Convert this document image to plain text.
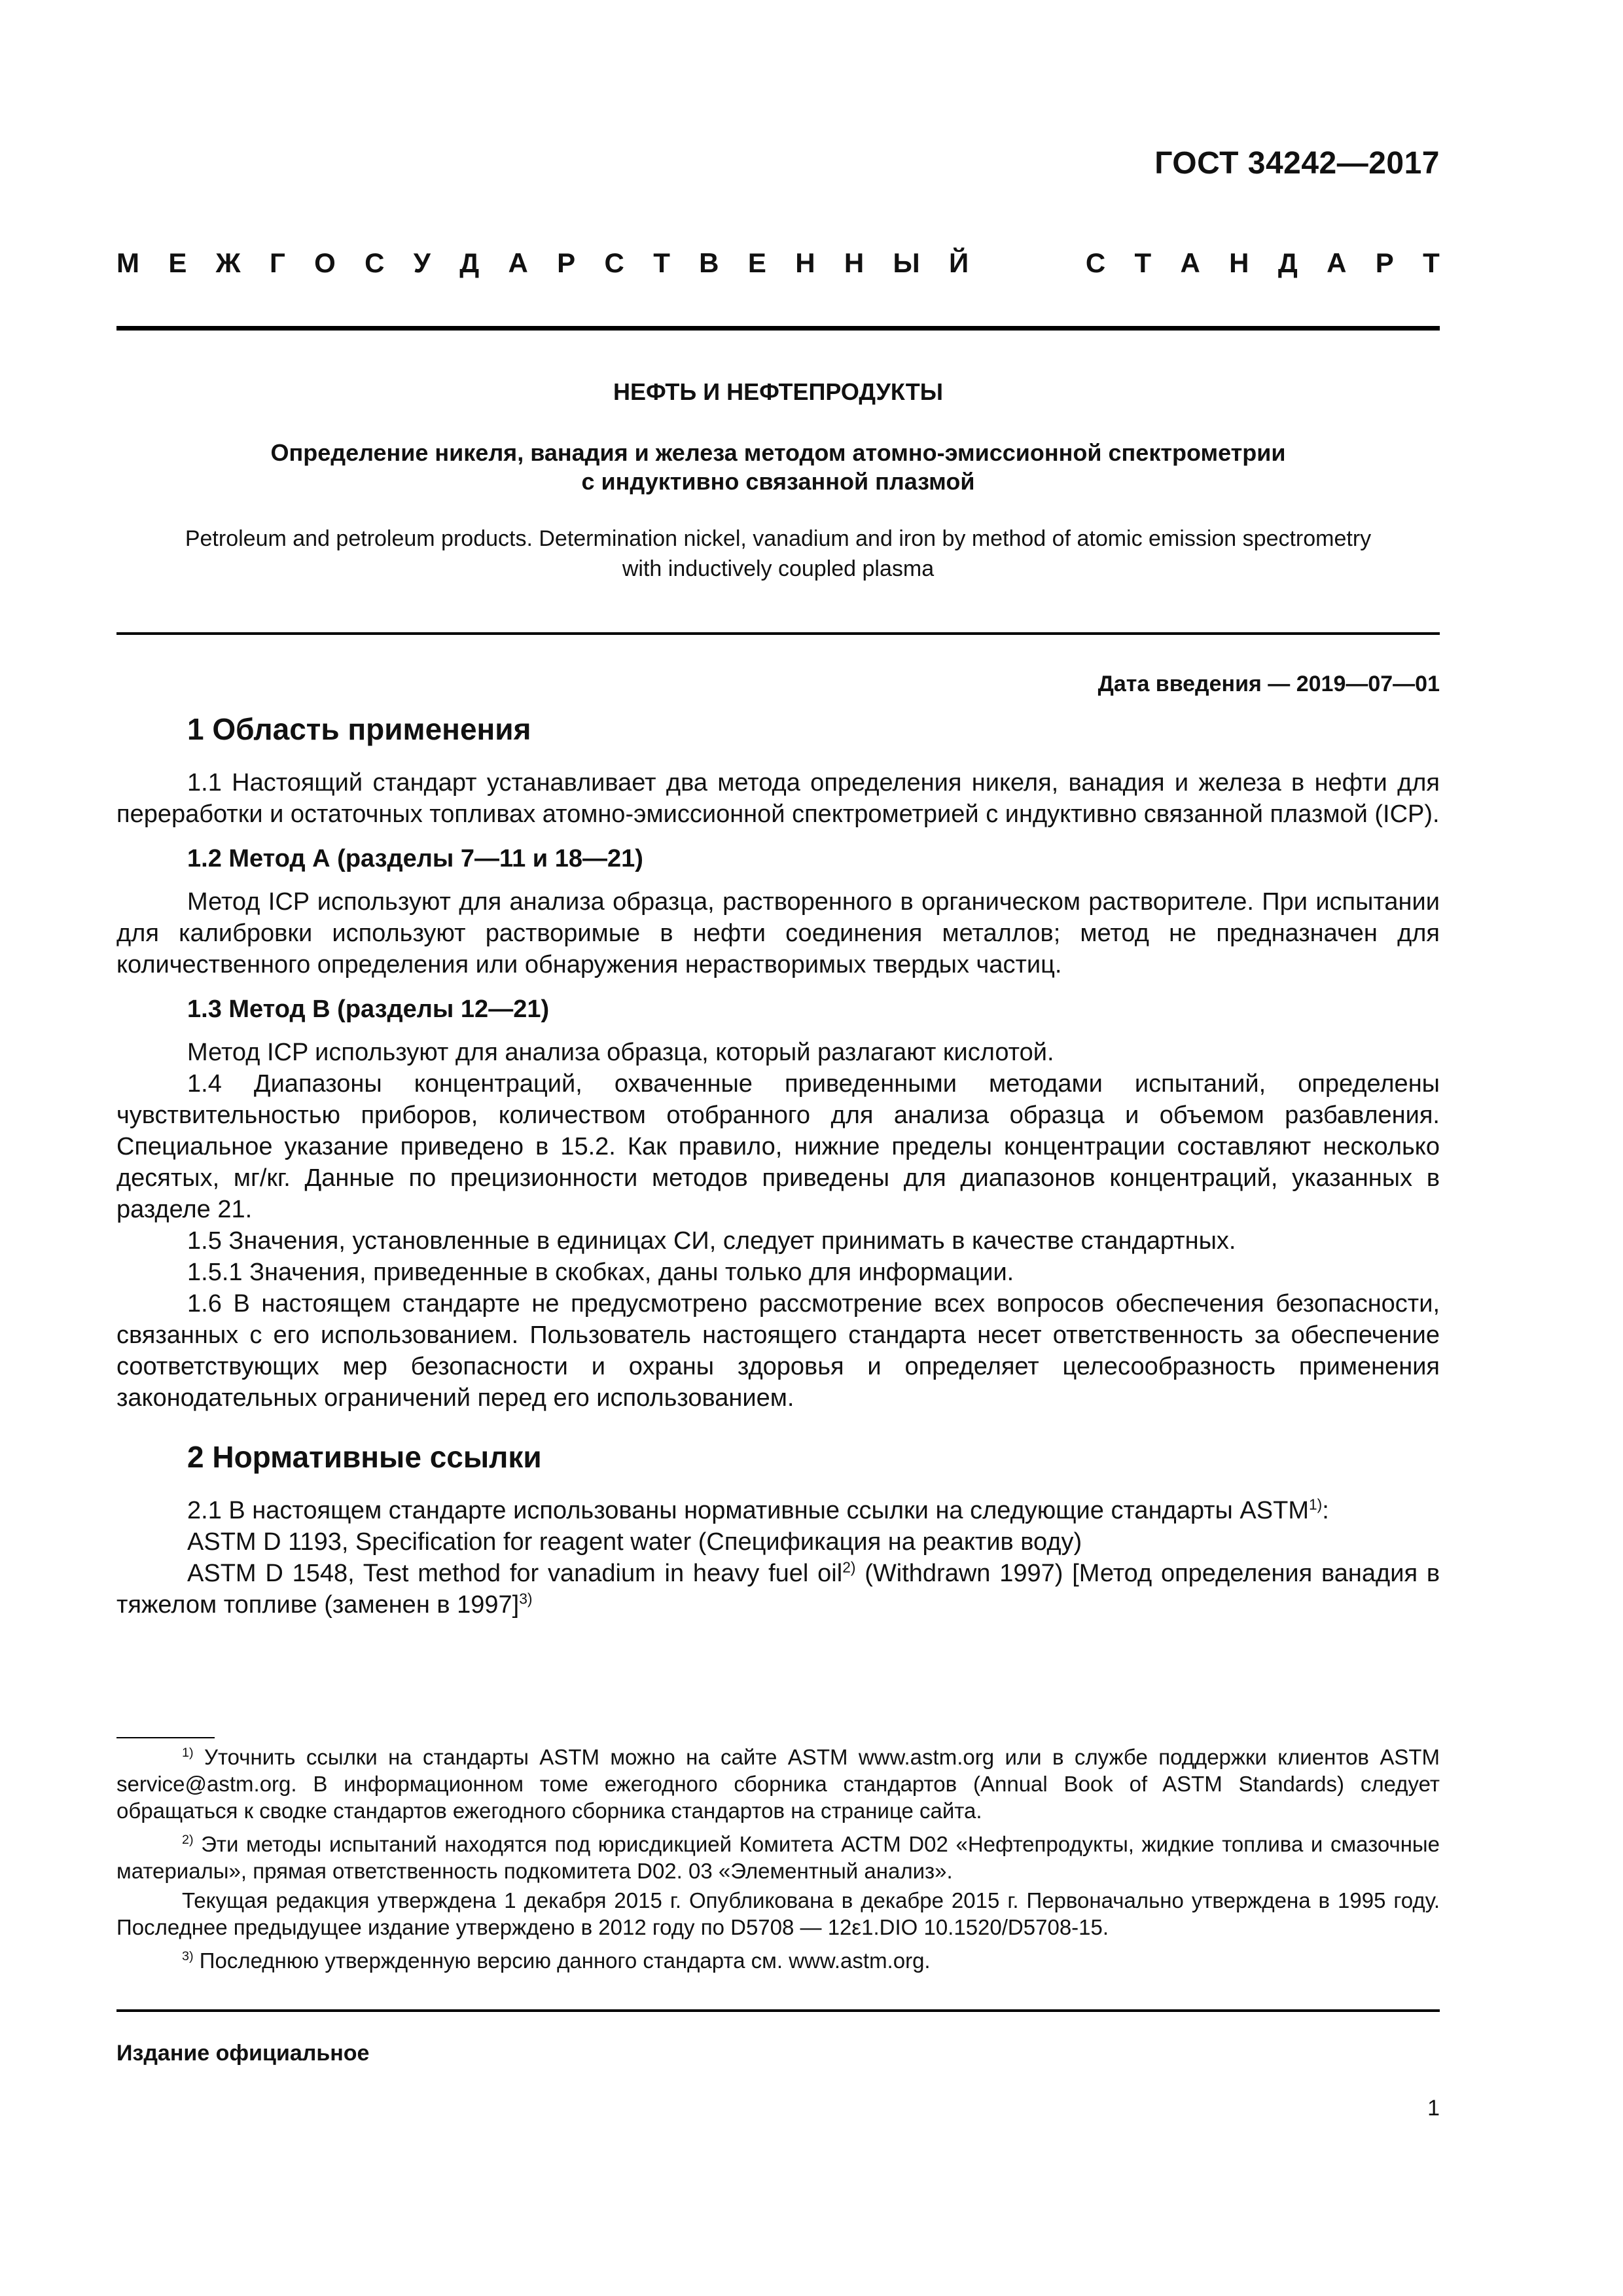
ГОСТ 34242—2017
М Е Ж Г О С У Д А Р С Т В Е Н Н Ы Й	С Т А Н Д А Р Т
НЕФТЬ И НЕФТЕПРОДУКТЫ
Определение никеля, ванадия и железа методом атомно-эмиссионной спектрометрии
с индуктивно связанной плазмой
Petroleum and petroleum products. Determination nickel, vanadium and iron by method of atomic emission spectrometry
with inductively coupled plasma
Дата введения — 2019—07—01
1 Область применения

1.1 Настоящий стандарт устанавливает два метода определения никеля, ванадия и железа в нефти для переработки и остаточных топливах атомно-эмиссионной спектрометрией с индуктивно связанной плазмой (ICP).

1.2 Метод А (разделы 7—11 и 18—21)

Метод ICP используют для анализа образца, растворенного в органическом растворителе. При испытании для калибровки используют растворимые в нефти соединения металлов; метод не предназначен для количественного определения или обнаружения нерастворимых твердых частиц.

1.3 Метод В (разделы 12—21)

Метод ICP используют для анализа образца, который разлагают кислотой.

1.4 Диапазоны концентраций, охваченные приведенными методами испытаний, определены чувствительностью приборов, количеством отобранного для анализа образца и объемом разбавления. Специальное указание приведено в 15.2. Как правило, нижние пределы концентрации составляют несколько десятых, мг/кг. Данные по прецизионности методов приведены для диапазонов концентраций, указанных в разделе 21.

1.5 Значения, установленные в единицах СИ, следует принимать в качестве стандартных.

1.5.1 Значения, приведенные в скобках, даны только для информации.

1.6 В настоящем стандарте не предусмотрено рассмотрение всех вопросов обеспечения безопасности, связанных с его использованием. Пользователь настоящего стандарта несет ответственность за обеспечение соответствующих мер безопасности и охраны здоровья и определяет целесообразность применения законодательных ограничений перед его использованием.

2 Нормативные ссылки

2.1 В настоящем стандарте использованы нормативные ссылки на следующие стандарты ASTM$^{1)}$:

ASTM D 1193, Specification for reagent water (Спецификация на реактив воду)

ASTM D 1548, Test method for vanadium in heavy fuel oil$^{2)}$ (Withdrawn 1997) [Метод определения ванадия в тяжелом топливе (заменен в 1997]$^{3)}$

$^{1)}$ Уточнить ссылки на стандарты ASTM можно на сайте ASTM www.astm.org или в службе поддержки клиентов ASTM service@astm.org. В информационном томе ежегодного сборника стандартов (Annual Book of ASTM Standards) следует обращаться к сводке стандартов ежегодного сборника стандартов на странице сайта.

$^{2)}$ Эти методы испытаний находятся под юрисдикцией Комитета АСТМ D02 «Нефтепродукты, жидкие топлива и смазочные материалы», прямая ответственность подкомитета D02. 03 «Элементный анализ».

Текущая редакция утверждена 1 декабря 2015 г. Опубликована в декабре 2015 г. Первоначально утверждена в 1995 году. Последнее предыдущее издание утверждено в 2012 году по D5708 — 12ε1.DIO 10.1520/D5708-15.

$^{3)}$ Последнюю утвержденную версию данного стандарта см. www.astm.org.

Издание официальное
1
